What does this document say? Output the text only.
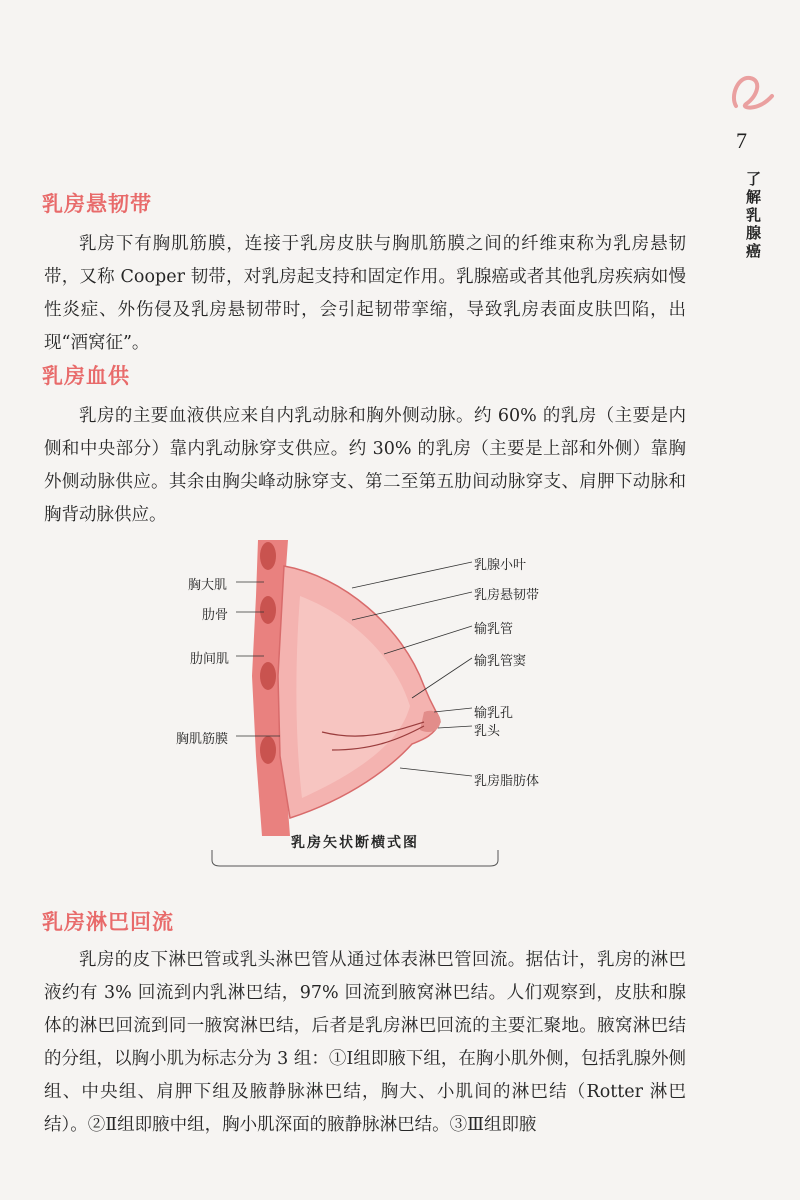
7
了解乳腺癌
乳房悬韧带

乳房下有胸肌筋膜，连接于乳房皮肤与胸肌筋膜之间的纤维束称为乳房悬韧带，又称 Cooper 韧带，对乳房起支持和固定作用。乳腺癌或者其他乳房疾病如慢性炎症、外伤侵及乳房悬韧带时，会引起韧带挛缩，导致乳房表面皮肤凹陷，出现“酒窝征”。

乳房血供

乳房的主要血液供应来自内乳动脉和胸外侧动脉。约 60% 的乳房（主要是内侧和中央部分）靠内乳动脉穿支供应。约 30% 的乳房（主要是上部和外侧）靠胸外侧动脉供应。其余由胸尖峰动脉穿支、第二至第五肋间动脉穿支、肩胛下动脉和胸背动脉供应。

胸大肌
肋骨
肋间肌
胸肌筋膜
乳腺小叶
乳房悬韧带
输乳管
输乳管窦
输乳孔
乳头
乳房脂肪体
乳房矢状断横式图
乳房淋巴回流

乳房的皮下淋巴管或乳头淋巴管从通过体表淋巴管回流。据估计，乳房的淋巴液约有 3% 回流到内乳淋巴结，97% 回流到腋窝淋巴结。人们观察到，皮肤和腺体的淋巴回流到同一腋窝淋巴结，后者是乳房淋巴回流的主要汇聚地。腋窝淋巴结的分组，以胸小肌为标志分为 3 组：①Ⅰ组即腋下组，在胸小肌外侧，包括乳腺外侧组、中央组、肩胛下组及腋静脉淋巴结，胸大、小肌间的淋巴结（Rotter 淋巴结）。②Ⅱ组即腋中组，胸小肌深面的腋静脉淋巴结。③Ⅲ组即腋
